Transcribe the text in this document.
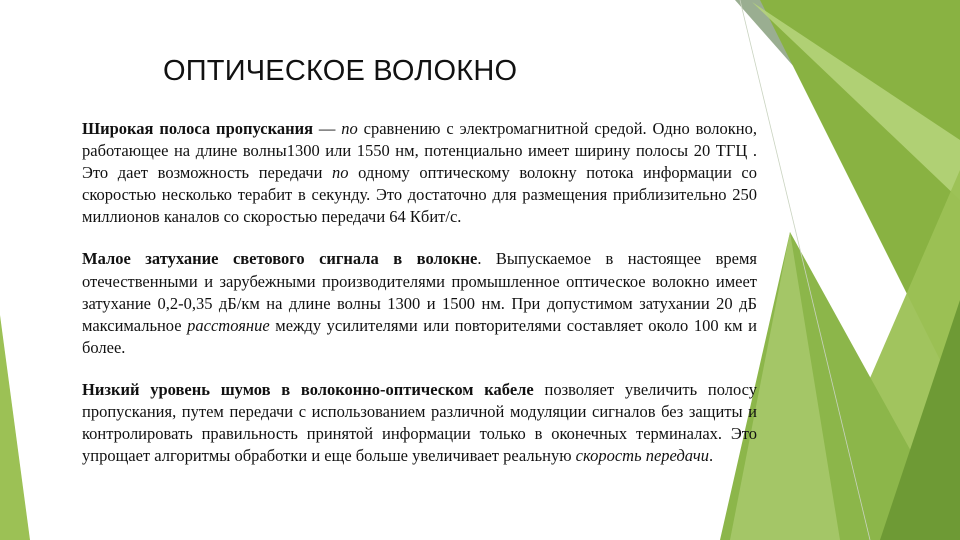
ОПТИЧЕСКОЕ ВОЛОКНО

Широкая полоса пропускания — по сравнению с электромагнитной средой. Одно волокно, работающее на длине волны1300 или 1550 нм, потенциально имеет ширину полосы 20 ТГЦ . Это дает возможность передачи по одному оптическому волокну потока информации со скоростью несколько терабит в секунду. Это достаточно для размещения приблизительно 250 миллионов каналов со скоростью передачи 64 Кбит/с.

Малое затухание светового сигнала в волокне. Выпускаемое в настоящее время отечественными и зарубежными производителями промышленное оптическое волокно имеет затухание 0,2-0,35 дБ/км на длине волны 1300 и 1500 нм. При допустимом затухании 20 дБ максимальное расстояние между усилителями или повторителями составляет около 100 км и более.

Низкий уровень шумов в волоконно-оптическом кабеле позволяет увеличить полосу пропускания, путем передачи с использованием различной модуляции сигналов без защиты и контролировать правильность принятой информации только в оконечных терминалах. Это упрощает алгоритмы обработки и еще больше увеличивает реальную скорость передачи.
